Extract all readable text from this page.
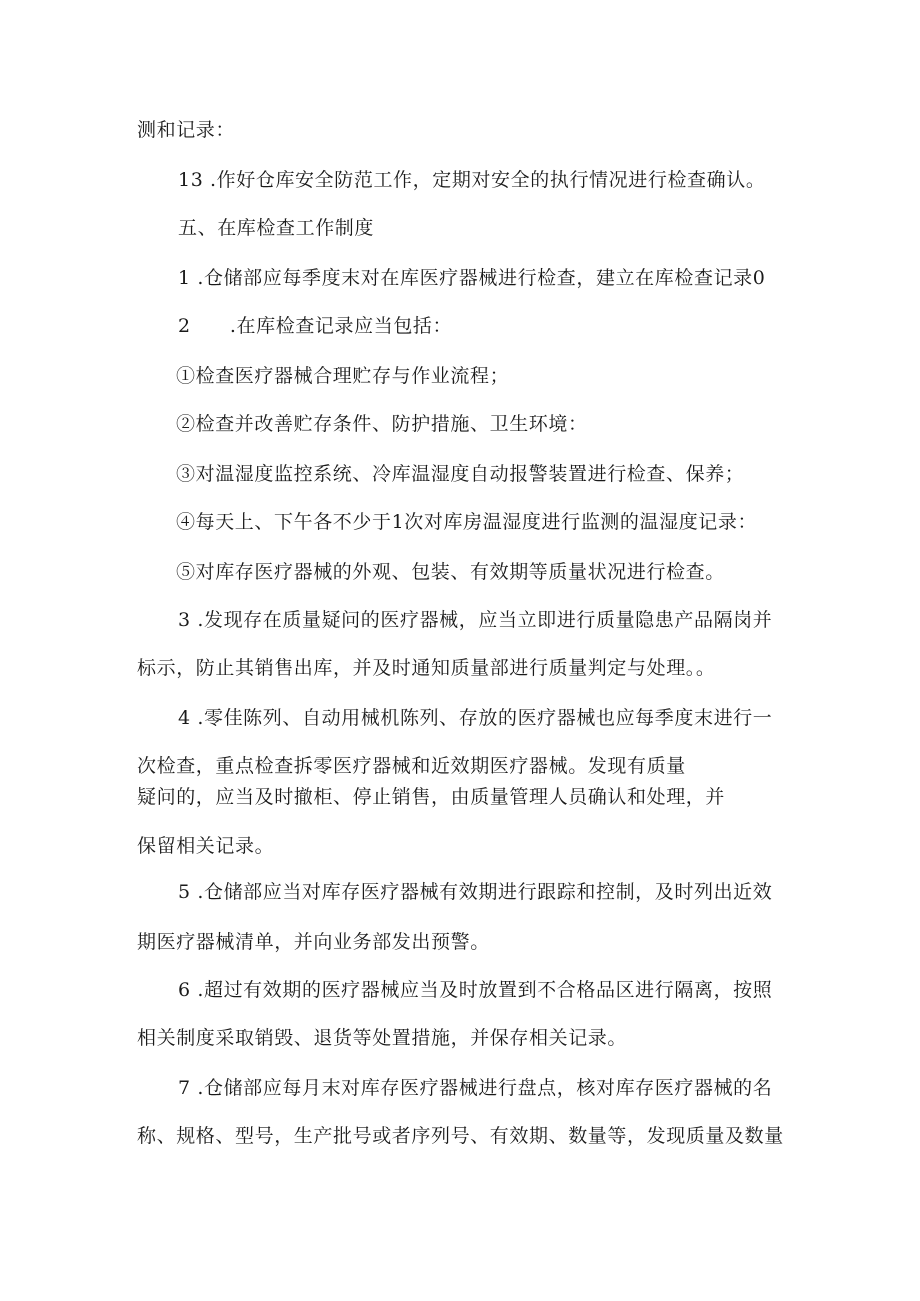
测和记录：
13 .作好仓库安全防范工作，定期对安全的执行情况进行检查确认。
五、在库检查工作制度
1 .仓储部应每季度末对在库医疗器械进行检查，建立在库检查记录0
2　　.在库检查记录应当包括：
①检查医疗器械合理贮存与作业流程；
②检查并改善贮存条件、防护措施、卫生环境：
③对温湿度监控系统、冷库温湿度自动报警装置进行检查、保养；
④每天上、下午各不少于1次对库房温湿度进行监测的温湿度记录：
⑤对库存医疗器械的外观、包装、有效期等质量状况进行检查。
3 .发现存在质量疑问的医疗器械，应当立即进行质量隐患产品隔岗并
标示，防止其销售出库，并及时通知质量部进行质量判定与处理。。
4 .零佳陈列、自动用械机陈列、存放的医疗器械也应每季度末进行一
次检查，重点检查拆零医疗器械和近效期医疗器械。发现有质量
疑问的，应当及时撤柜、停止销售，由质量管理人员确认和处理，并
保留相关记录。
5 .仓储部应当对库存医疗器械有效期进行跟踪和控制，及时列出近效
期医疗器械清单，并向业务部发出预警。
6 .超过有效期的医疗器械应当及时放置到不合格品区进行隔离，按照
相关制度采取销毁、退货等处置措施，并保存相关记录。
7 .仓储部应每月末对库存医疗器械进行盘点，核对库存医疗器械的名
称、规格、型号，生产批号或者序列号、有效期、数量等，发现质量及数量
